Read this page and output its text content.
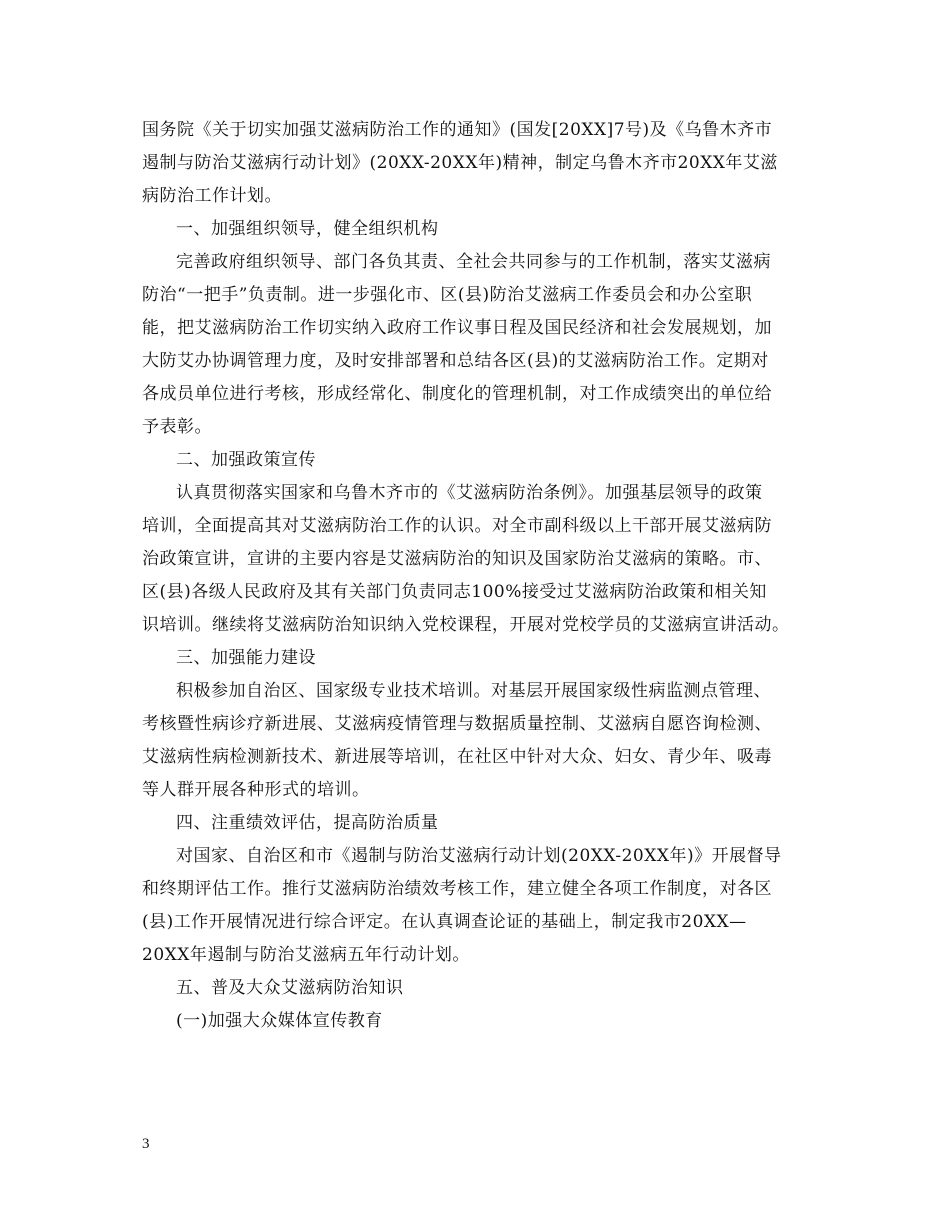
国务院《关于切实加强艾滋病防治工作的通知》(国发[20XX]7号)及《乌鲁木齐市
遏制与防治艾滋病行动计划》(20XX-20XX年)精神，制定乌鲁木齐市20XX年艾滋
病防治工作计划。
一、加强组织领导，健全组织机构
完善政府组织领导、部门各负其责、全社会共同参与的工作机制，落实艾滋病
防治“一把手”负责制。进一步强化市、区(县)防治艾滋病工作委员会和办公室职
能，把艾滋病防治工作切实纳入政府工作议事日程及国民经济和社会发展规划，加
大防艾办协调管理力度，及时安排部署和总结各区(县)的艾滋病防治工作。定期对
各成员单位进行考核，形成经常化、制度化的管理机制，对工作成绩突出的单位给
予表彰。
二、加强政策宣传
认真贯彻落实国家和乌鲁木齐市的《艾滋病防治条例》。加强基层领导的政策
培训，全面提高其对艾滋病防治工作的认识。对全市副科级以上干部开展艾滋病防
治政策宣讲，宣讲的主要内容是艾滋病防治的知识及国家防治艾滋病的策略。市、
区(县)各级人民政府及其有关部门负责同志100%接受过艾滋病防治政策和相关知
识培训。继续将艾滋病防治知识纳入党校课程，开展对党校学员的艾滋病宣讲活动。
三、加强能力建设
积极参加自治区、国家级专业技术培训。对基层开展国家级性病监测点管理、
考核暨性病诊疗新进展、艾滋病疫情管理与数据质量控制、艾滋病自愿咨询检测、
艾滋病性病检测新技术、新进展等培训，在社区中针对大众、妇女、青少年、吸毒
等人群开展各种形式的培训。
四、注重绩效评估，提高防治质量
对国家、自治区和市《遏制与防治艾滋病行动计划(20XX-20XX年)》开展督导
和终期评估工作。推行艾滋病防治绩效考核工作，建立健全各项工作制度，对各区
(县)工作开展情况进行综合评定。在认真调查论证的基础上，制定我市20XX—
20XX年遏制与防治艾滋病五年行动计划。
五、普及大众艾滋病防治知识
(一)加强大众媒体宣传教育
3
